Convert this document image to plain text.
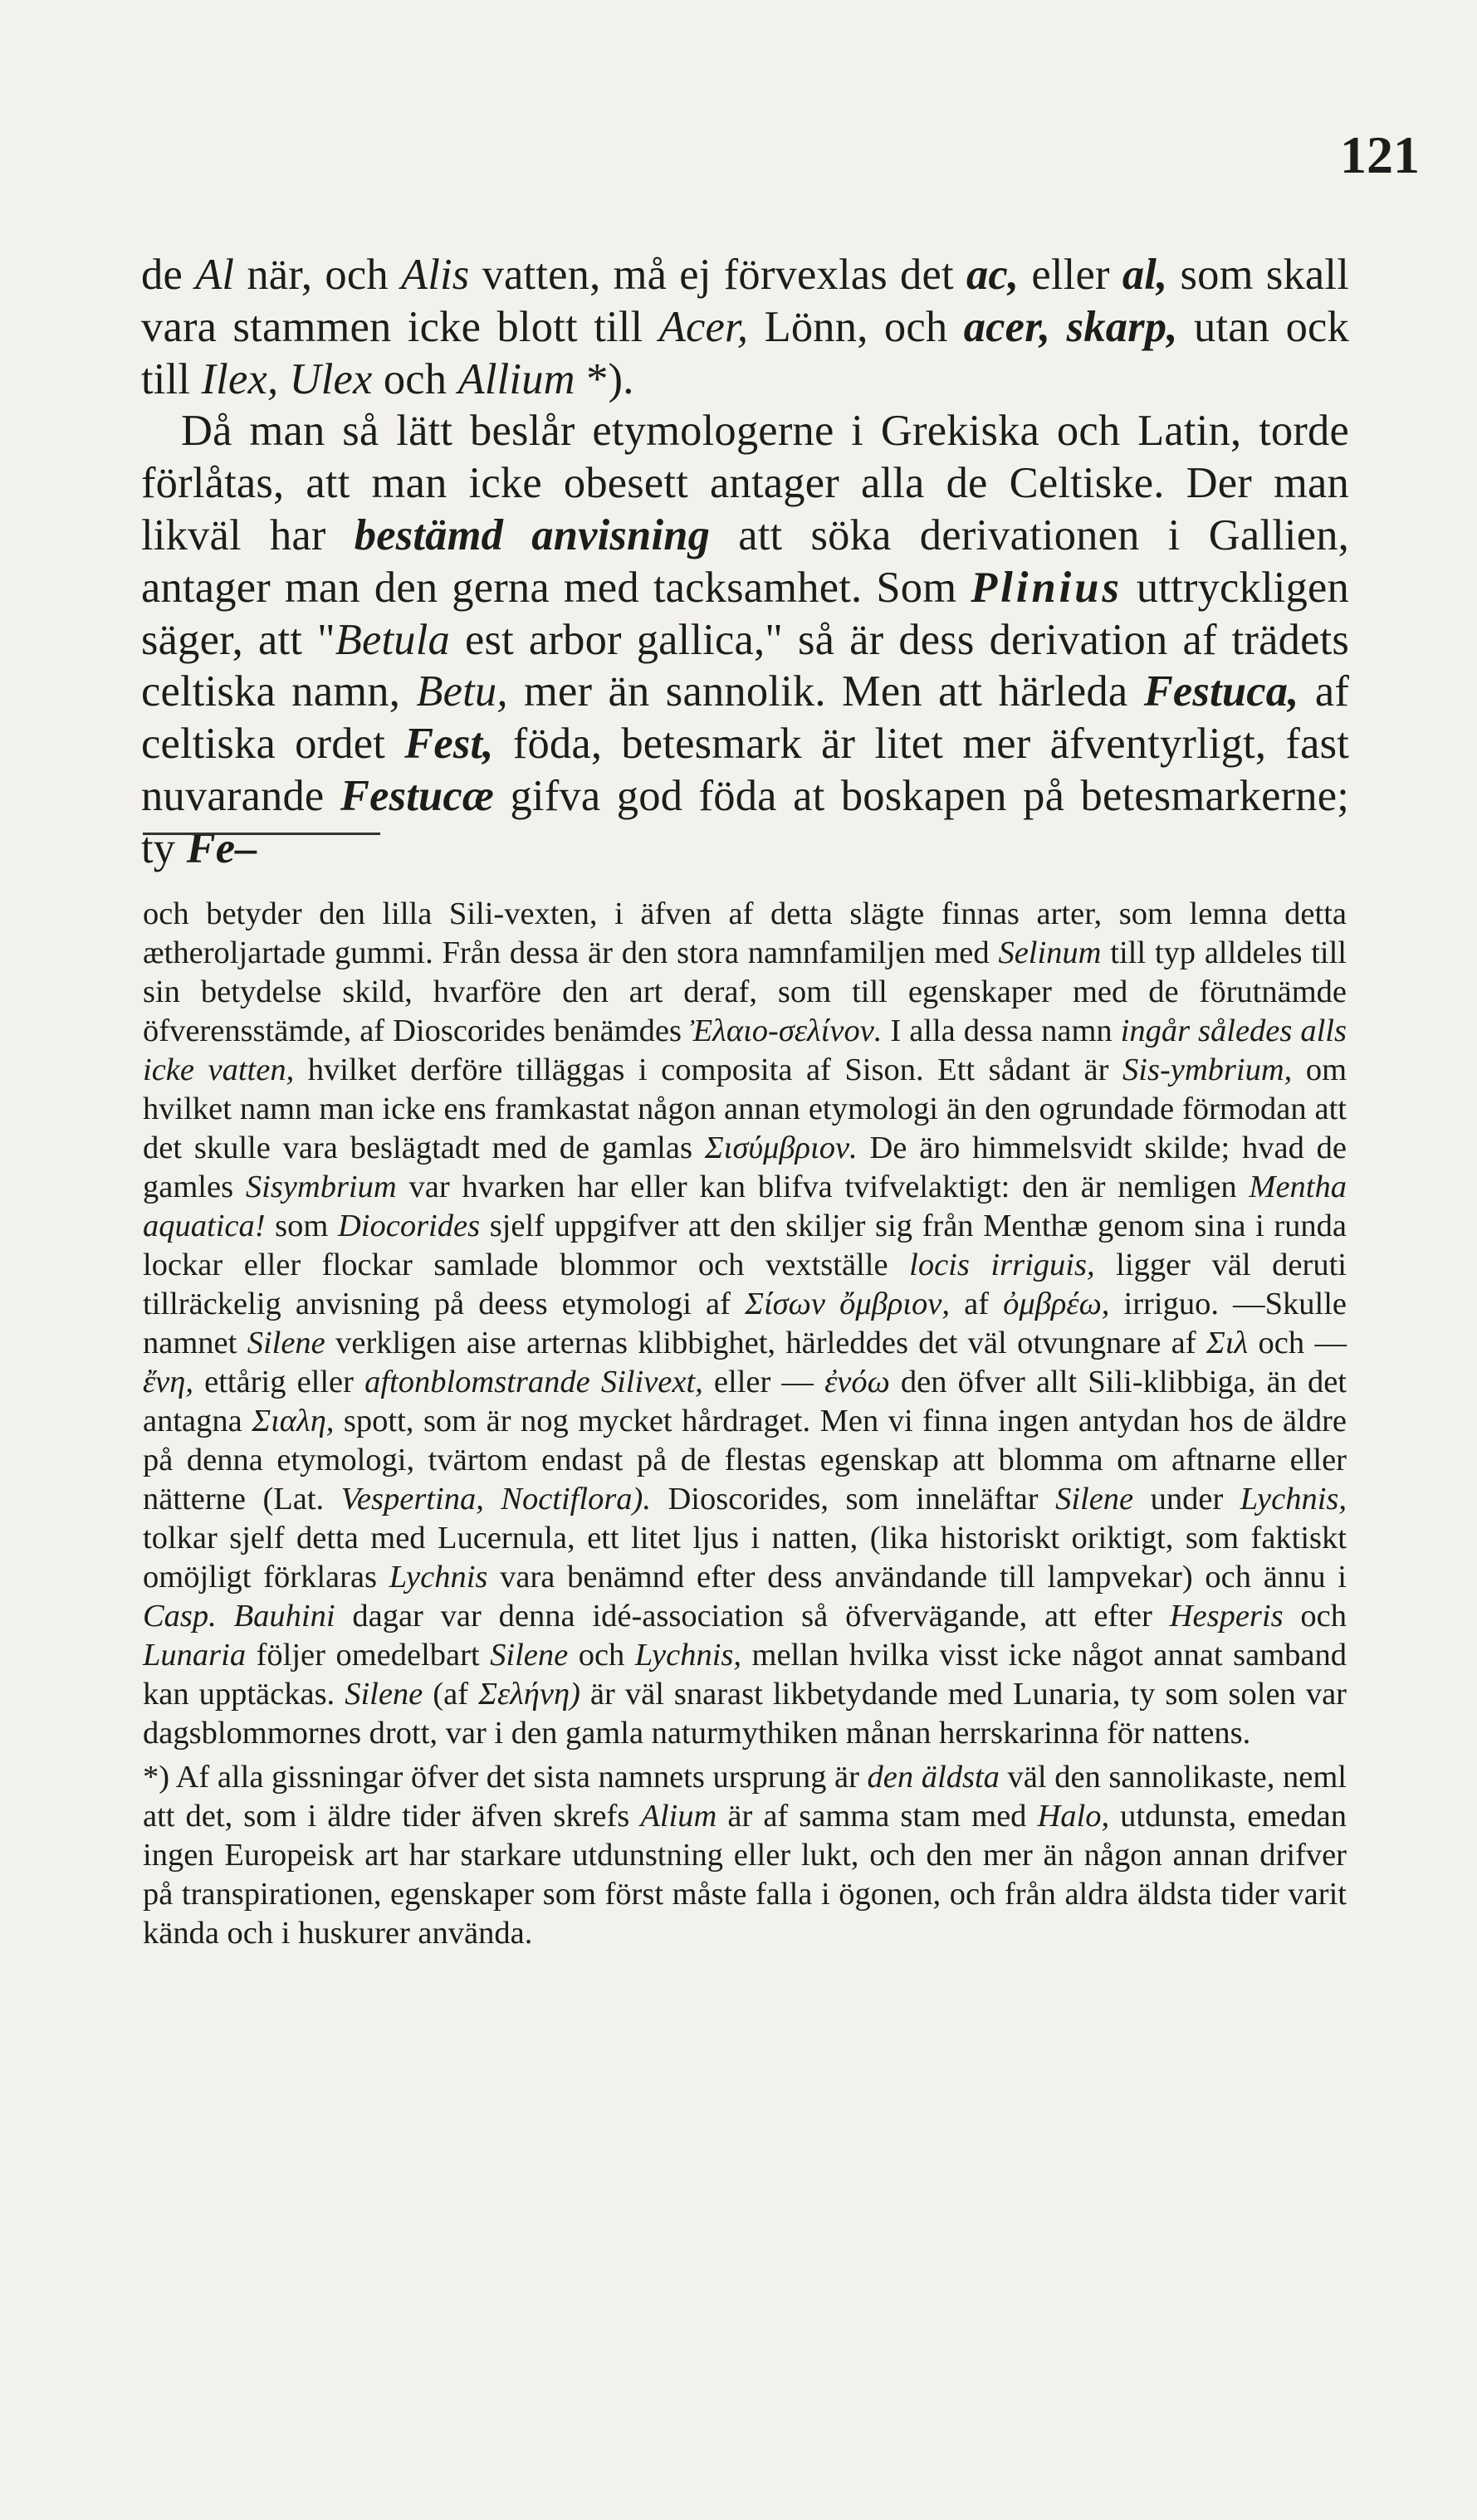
121

de Al när, och Alis vatten, må ej förvexlas det ac, eller al, som skall vara stammen icke blott till Acer, Lönn, och acer, skarp, utan ock till Ilex, Ulex och Allium *).

Då man så lätt beslår etymologerne i Grekiska och Latin, torde förlåtas, att man icke obesett antager alla de Celtiske. Der man likväl har bestämd anvisning att söka derivationen i Gallien, antager man den gerna med tacksamhet. Som Plinius uttryckligen säger, att "Betula est arbor gallica," så är dess derivation af trädets celtiska namn, Betu, mer än sannolik. Men att härleda Festuca, af celtiska ordet Fest, föda, betesmark är litet mer äfventyrligt, fast nuvarande Festucæ gifva god föda at boskapen på betesmarkerne; ty Fe–

och betyder den lilla Sili-vexten, i äfven af detta slägte finnas arter, som lemna detta ætheroljartade gummi. Från dessa är den stora namnfamiljen med Selinum till typ alldeles till sin betydelse skild, hvarföre den art deraf, som till egenskaper med de förutnämde öfverensstämde, af Dioscorides benämdes Ἐλαιο-σελίνον. I alla dessa namn ingår således alls icke vatten, hvilket derföre tilläggas i composita af Sison. Ett sådant är Sis-ymbrium, om hvilket namn man icke ens framkastat någon annan etymologi än den ogrundade förmodan att det skulle vara beslägtadt med de gamlas Σισύμβριον. De äro himmelsvidt skilde; hvad de gamles Sisymbrium var hvarken har eller kan blifva tvifvelaktigt: den är nemligen Mentha aquatica! som Diocorides sjelf uppgifver att den skiljer sig från Menthæ genom sina i runda lockar eller flockar samlade blommor och vextställe locis irriguis, ligger väl deruti tillräckelig anvisning på deess etymologi af Σίσων ὄμβριον, af ὀμβρέω, irriguo. —Skulle namnet Silene verkligen aise arternas klibbighet, härleddes det väl otvungnare af Σιλ och — ἔνη, ettårig eller aftonblomstrande Silivext, eller — ἐνόω den öfver allt Sili-klibbiga, än det antagna Σιαλη, spott, som är nog mycket hårdraget. Men vi finna ingen antydan hos de äldre på denna etymologi, tvärtom endast på de flestas egenskap att blomma om aftnarne eller nätterne (Lat. Vespertina, Noctiflora). Dioscorides, som inneläftar Silene under Lychnis, tolkar sjelf detta med Lucernula, ett litet ljus i natten, (lika historiskt oriktigt, som faktiskt omöjligt förklaras Lychnis vara benämnd efter dess användande till lampvekar) och ännu i Casp. Bauhini dagar var denna idé-association så öfvervägande, att efter Hesperis och Lunaria följer omedelbart Silene och Lychnis, mellan hvilka visst icke något annat samband kan upptäckas. Silene (af Σελήνη) är väl snarast likbetydande med Lunaria, ty som solen var dagsblommornes drott, var i den gamla naturmythiken månan herrskarinna för nattens.

*) Af alla gissningar öfver det sista namnets ursprung är den äldsta väl den sannolikaste, neml att det, som i äldre tider äfven skrefs Alium är af samma stam med Halo, utdunsta, emedan ingen Europeisk art har starkare utdunstning eller lukt, och den mer än någon annan drifver på transpirationen, egenskaper som först måste falla i ögonen, och från aldra äldsta tider varit kända och i huskurer användа.
